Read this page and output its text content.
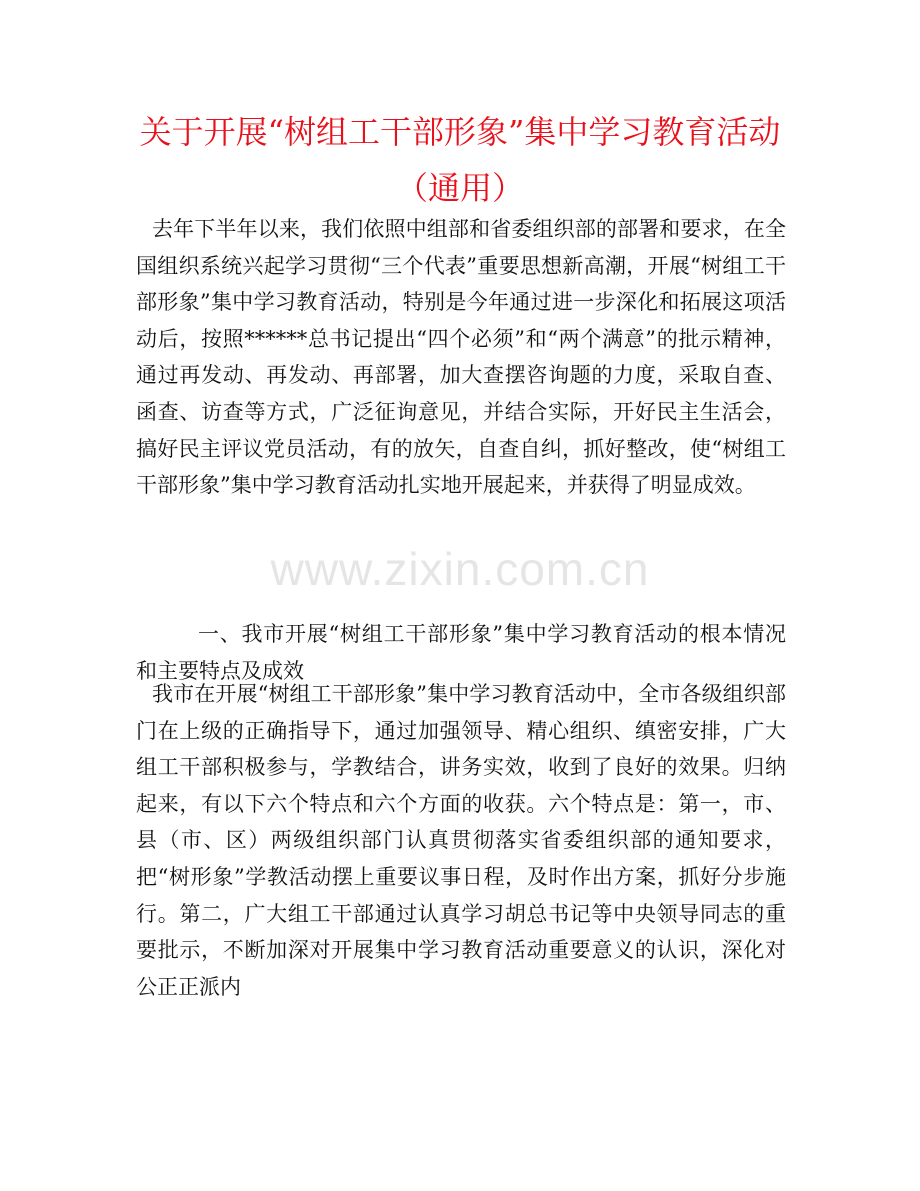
关于开展“树组工干部形象”集中学习教育活动（通用）
www.zixin.com.cn

去年下半年以来，我们依照中组部和省委组织部的部署和要求，在全国组织系统兴起学习贯彻“三个代表”重要思想新高潮，开展“树组工干部形象”集中学习教育活动，特别是今年通过进一步深化和拓展这项活动后，按照******总书记提出“四个必须”和“两个满意”的批示精神，通过再发动、再发动、再部署，加大查摆咨询题的力度，采取自查、函查、访查等方式，广泛征询意见，并结合实际，开好民主生活会，搞好民主评议党员活动，有的放矢，自查自纠，抓好整改，使“树组工干部形象”集中学习教育活动扎实地开展起来，并获得了明显成效。

一、我市开展“树组工干部形象”集中学习教育活动的根本情况和主要特点及成效

我市在开展“树组工干部形象”集中学习教育活动中，全市各级组织部门在上级的正确指导下，通过加强领导、精心组织、缜密安排，广大组工干部积极参与，学教结合，讲务实效，收到了良好的效果。归纳起来，有以下六个特点和六个方面的收获。六个特点是：第一，市、县（市、区）两级组织部门认真贯彻落实省委组织部的通知要求，把“树形象”学教活动摆上重要议事日程，及时作出方案，抓好分步施行。第二，广大组工干部通过认真学习胡总书记等中央领导同志的重要批示，不断加深对开展集中学习教育活动重要意义的认识，深化对公正正派内
